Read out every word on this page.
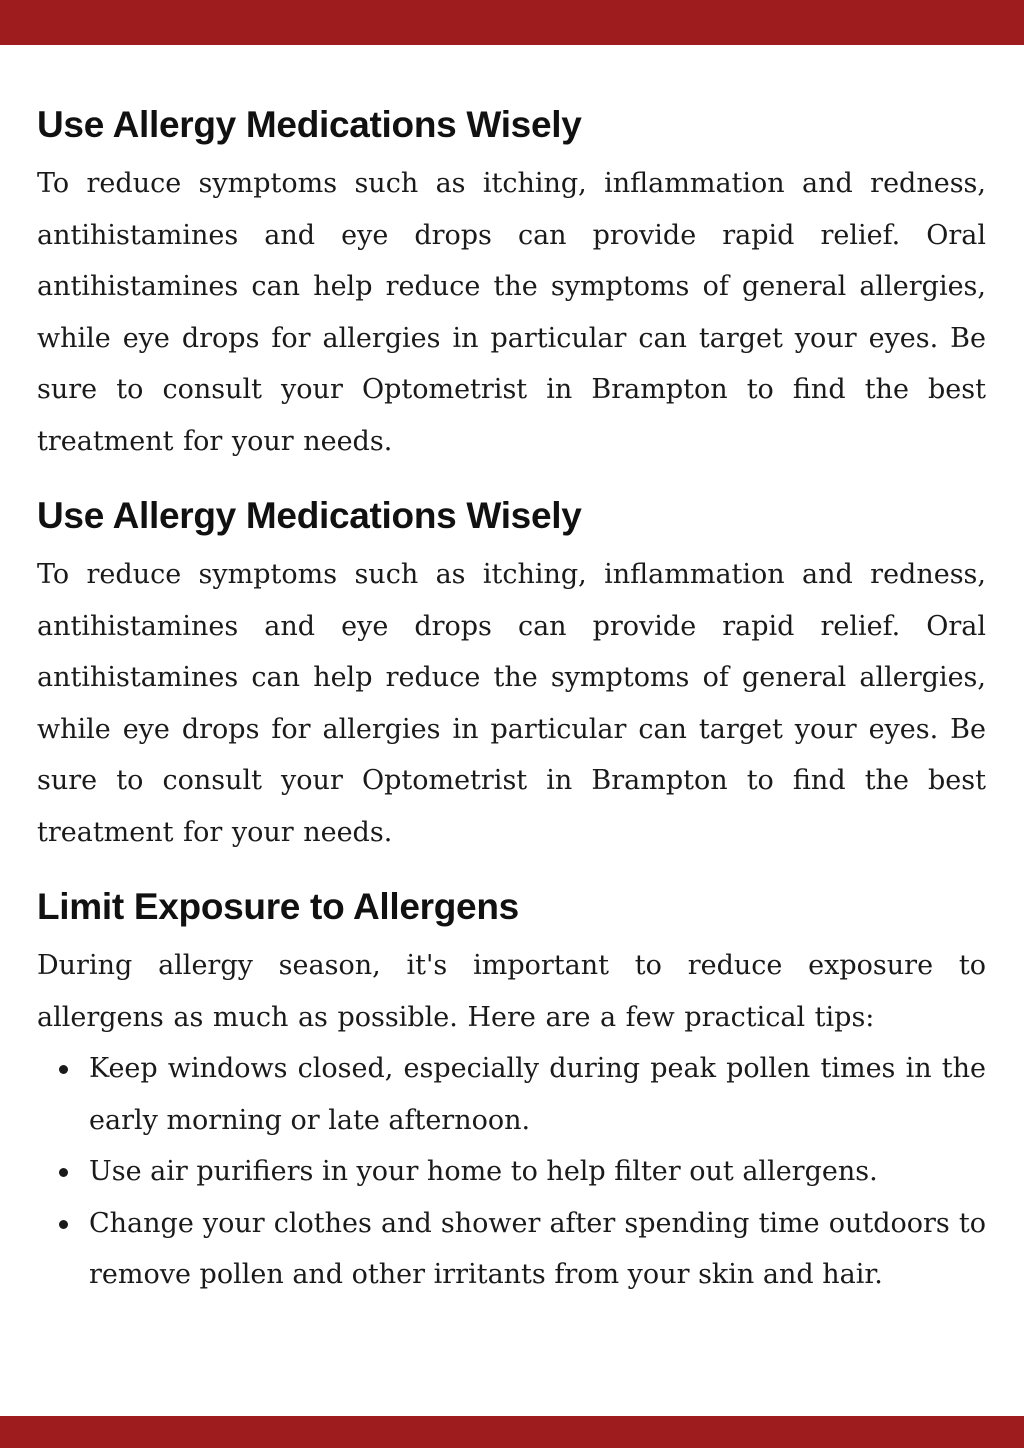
Use Allergy Medications Wisely

To reduce symptoms such as itching, inflammation and redness, antihistamines and eye drops can provide rapid relief. Oral antihistamines can help reduce the symptoms of general allergies, while eye drops for allergies in particular can target your eyes. Be sure to consult your Optometrist in Brampton to find the best treatment for your needs.

Use Allergy Medications Wisely

To reduce symptoms such as itching, inflammation and redness, antihistamines and eye drops can provide rapid relief. Oral antihistamines can help reduce the symptoms of general allergies, while eye drops for allergies in particular can target your eyes. Be sure to consult your Optometrist in Brampton to find the best treatment for your needs.

Limit Exposure to Allergens

During allergy season, it's important to reduce exposure to allergens as much as possible. Here are a few practical tips:

Keep windows closed, especially during peak pollen times in the early morning or late afternoon.
Use air purifiers in your home to help filter out allergens.
Change your clothes and shower after spending time outdoors to remove pollen and other irritants from your skin and hair.
